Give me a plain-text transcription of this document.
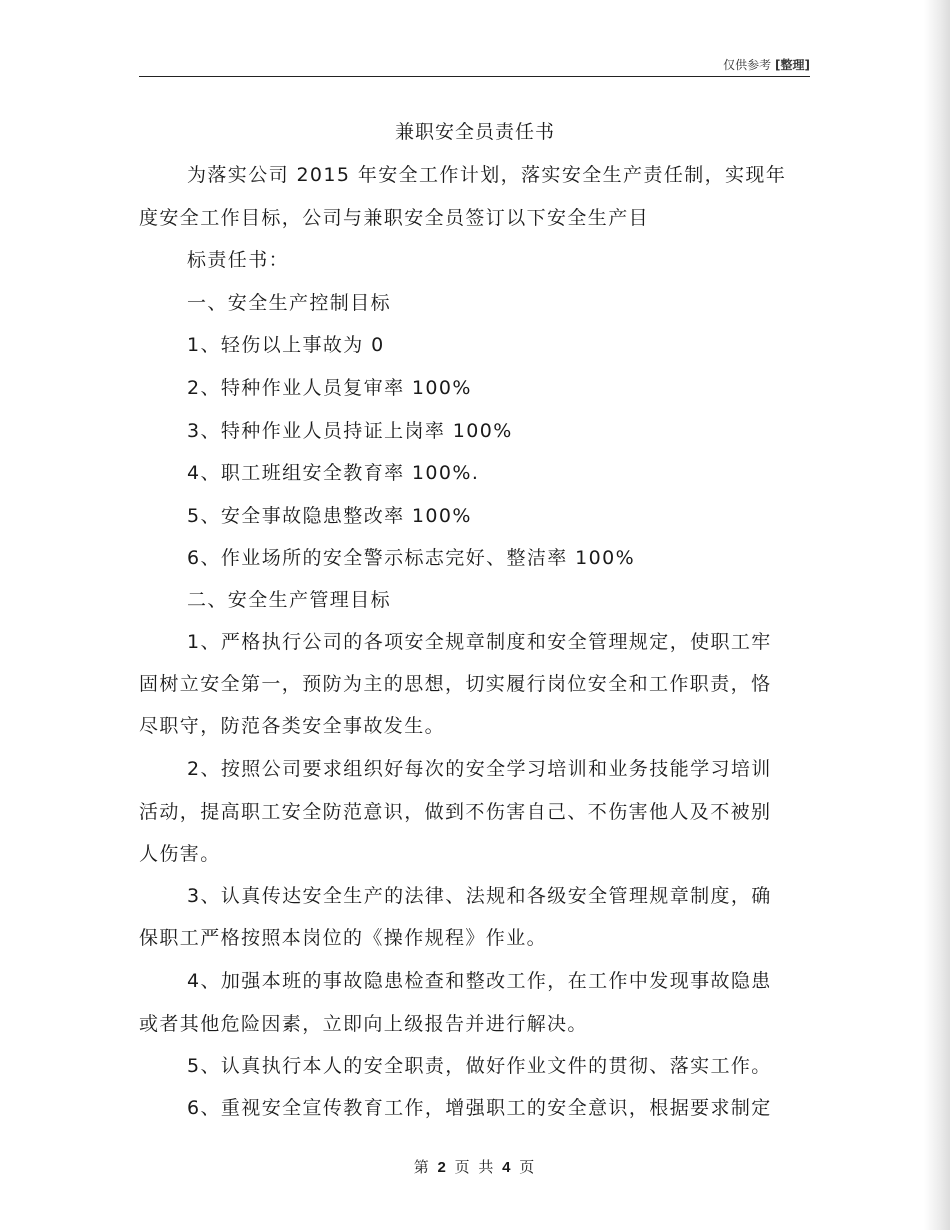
仅供参考 [整理]
兼职安全员责任书
为落实公司 2015 年安全工作计划，落实安全生产责任制，实现年
度安全工作目标，公司与兼职安全员签订以下安全生产目
标责任书：
一、安全生产控制目标
1、轻伤以上事故为 0
2、特种作业人员复审率 100%
3、特种作业人员持证上岗率 100%
4、职工班组安全教育率 100%.
5、安全事故隐患整改率 100%
6、作业场所的安全警示标志完好、整洁率 100%
二、安全生产管理目标
1、严格执行公司的各项安全规章制度和安全管理规定，使职工牢
固树立安全第一，预防为主的思想，切实履行岗位安全和工作职责，恪
尽职守，防范各类安全事故发生。
2、按照公司要求组织好每次的安全学习培训和业务技能学习培训
活动，提高职工安全防范意识，做到不伤害自己、不伤害他人及不被别
人伤害。
3、认真传达安全生产的法律、法规和各级安全管理规章制度，确
保职工严格按照本岗位的《操作规程》作业。
4、加强本班的事故隐患检查和整改工作，在工作中发现事故隐患
或者其他危险因素，立即向上级报告并进行解决。
5、认真执行本人的安全职责，做好作业文件的贯彻、落实工作。
6、重视安全宣传教育工作，增强职工的安全意识，根据要求制定
第 2 页 共 4 页
